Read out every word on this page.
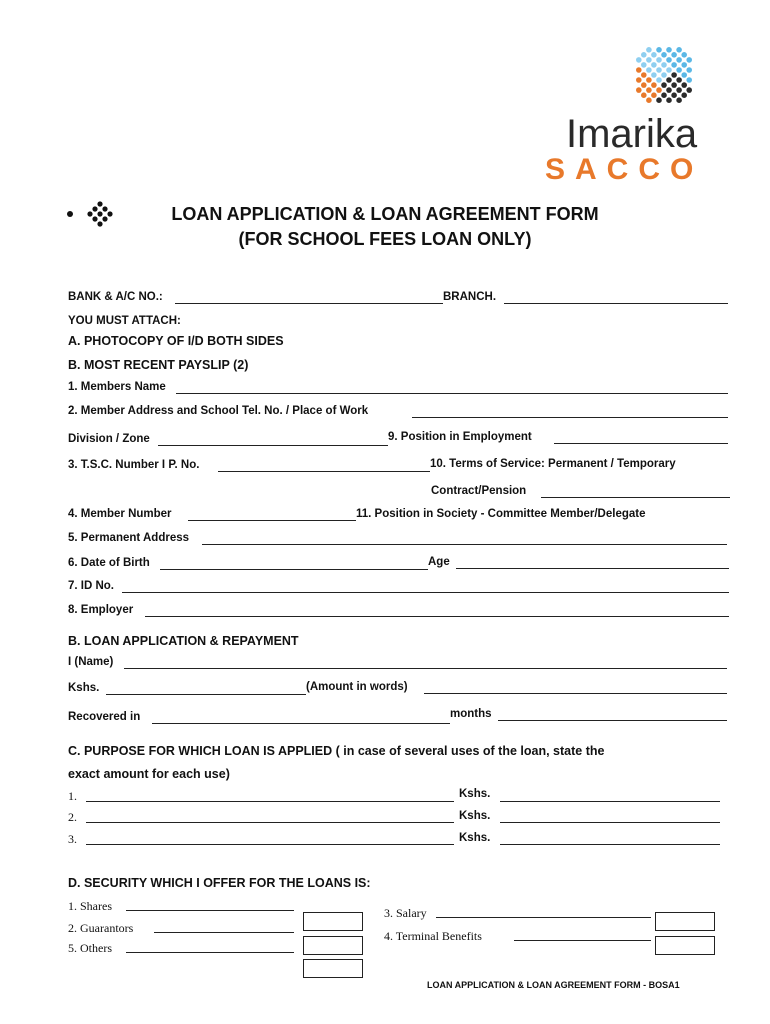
Imarika
SACCO
LOAN APPLICATION & LOAN AGREEMENT FORM
(FOR SCHOOL FEES LOAN ONLY)
BANK & A/C NO.:	BRANCH.
YOU MUST ATTACH:
A. PHOTOCOPY OF I/D BOTH SIDES
B. MOST RECENT PAYSLIP (2)
1. Members Name
2. Member Address and School Tel. No. / Place of Work
Division / Zone	9. Position in Employment
3. T.S.C. Number I P. No.	10. Terms of Service: Permanent / Temporary
Contract/Pension
4. Member Number	11. Position in Society - Committee Member/Delegate
5. Permanent Address
6. Date of Birth	Age
7. ID No.
8. Employer
B. LOAN APPLICATION & REPAYMENT
I (Name)
Kshs.	(Amount in words)
Recovered in	months
C. PURPOSE FOR WHICH LOAN IS APPLIED ( in case of several uses of the loan, state the
exact amount for each use)
1.	Kshs.
2.	Kshs.
3.	Kshs.
D. SECURITY WHICH I OFFER FOR THE LOANS IS:
1. Shares
2. Guarantors
5. Others
3. Salary
4. Terminal Benefits
LOAN APPLICATION & LOAN AGREEMENT FORM - BOSA1
